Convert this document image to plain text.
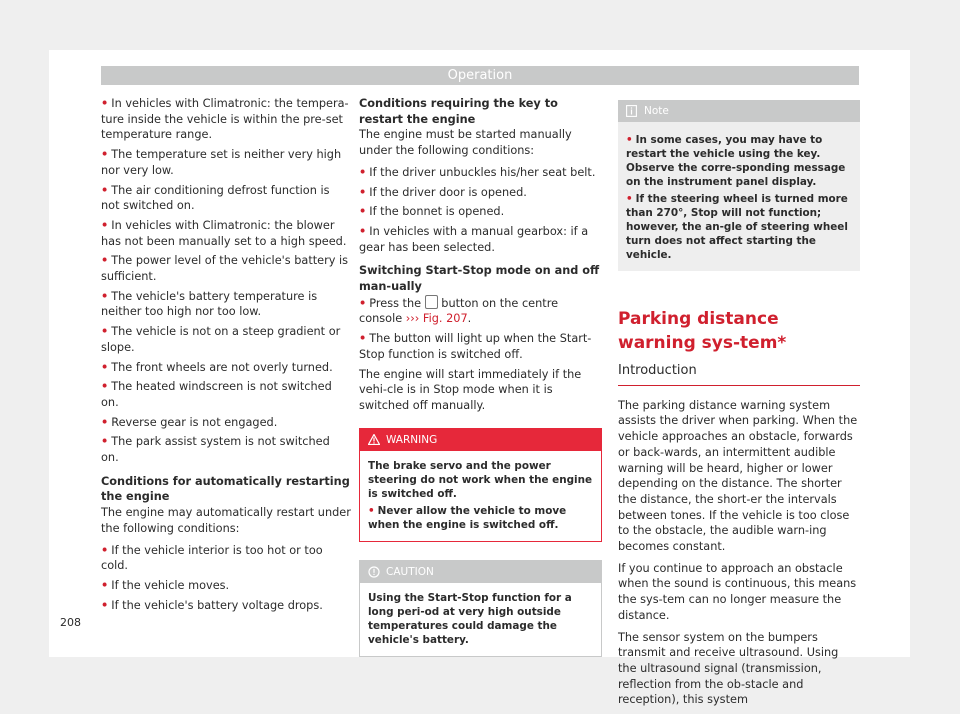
Operation
• In vehicles with Climatronic: the tempera-ture inside the vehicle is within the pre-set temperature range.
• The temperature set is neither very high nor very low.
• The air conditioning defrost function is not switched on.
• In vehicles with Climatronic: the blower has not been manually set to a high speed.
• The power level of the vehicle's battery is sufficient.
• The vehicle's battery temperature is neither too high nor too low.
• The vehicle is not on a steep gradient or slope.
• The front wheels are not overly turned.
• The heated windscreen is not switched on.
• Reverse gear is not engaged.
• The park assist system is not switched on.
Conditions for automatically restarting the engine

The engine may automatically restart under the following conditions:

• If the vehicle interior is too hot or too cold.
• If the vehicle moves.
• If the vehicle's battery voltage drops.
Conditions requiring the key to restart the engine

The engine must be started manually under the following conditions:

• If the driver unbuckles his/her seat belt.
• If the driver door is opened.
• If the bonnet is opened.
• In vehicles with a manual gearbox: if a gear has been selected.
Switching Start-Stop mode on and off man-ually
• Press the button on the centre console ››› Fig. 207.
• The button will light up when the Start-Stop function is switched off.

The engine will start immediately if the vehi-cle is in Stop mode when it is switched off manually.

WARNING
The brake servo and the power steering do not work when the engine is switched off.
• Never allow the vehicle to move when the engine is switched off.
CAUTION
Using the Start-Stop function for a long peri-od at very high outside temperatures could damage the vehicle's battery.
Note
• In some cases, you may have to restart the vehicle using the key. Observe the corre-sponding message on the instrument panel display.
• If the steering wheel is turned more than 270°, Stop will not function; however, the an-gle of steering wheel turn does not affect starting the vehicle.
Parking distance warning sys-tem*
Introduction

The parking distance warning system assists the driver when parking. When the vehicle approaches an obstacle, forwards or back-wards, an intermittent audible warning will be heard, higher or lower depending on the distance. The shorter the distance, the short-er the intervals between tones. If the vehicle is too close to the obstacle, the audible warn-ing becomes constant.

If you continue to approach an obstacle when the sound is continuous, this means the sys-tem can no longer measure the distance.

The sensor system on the bumpers transmit and receive ultrasound. Using the ultrasound signal (transmission, reflection from the ob-stacle and reception), this system

208
